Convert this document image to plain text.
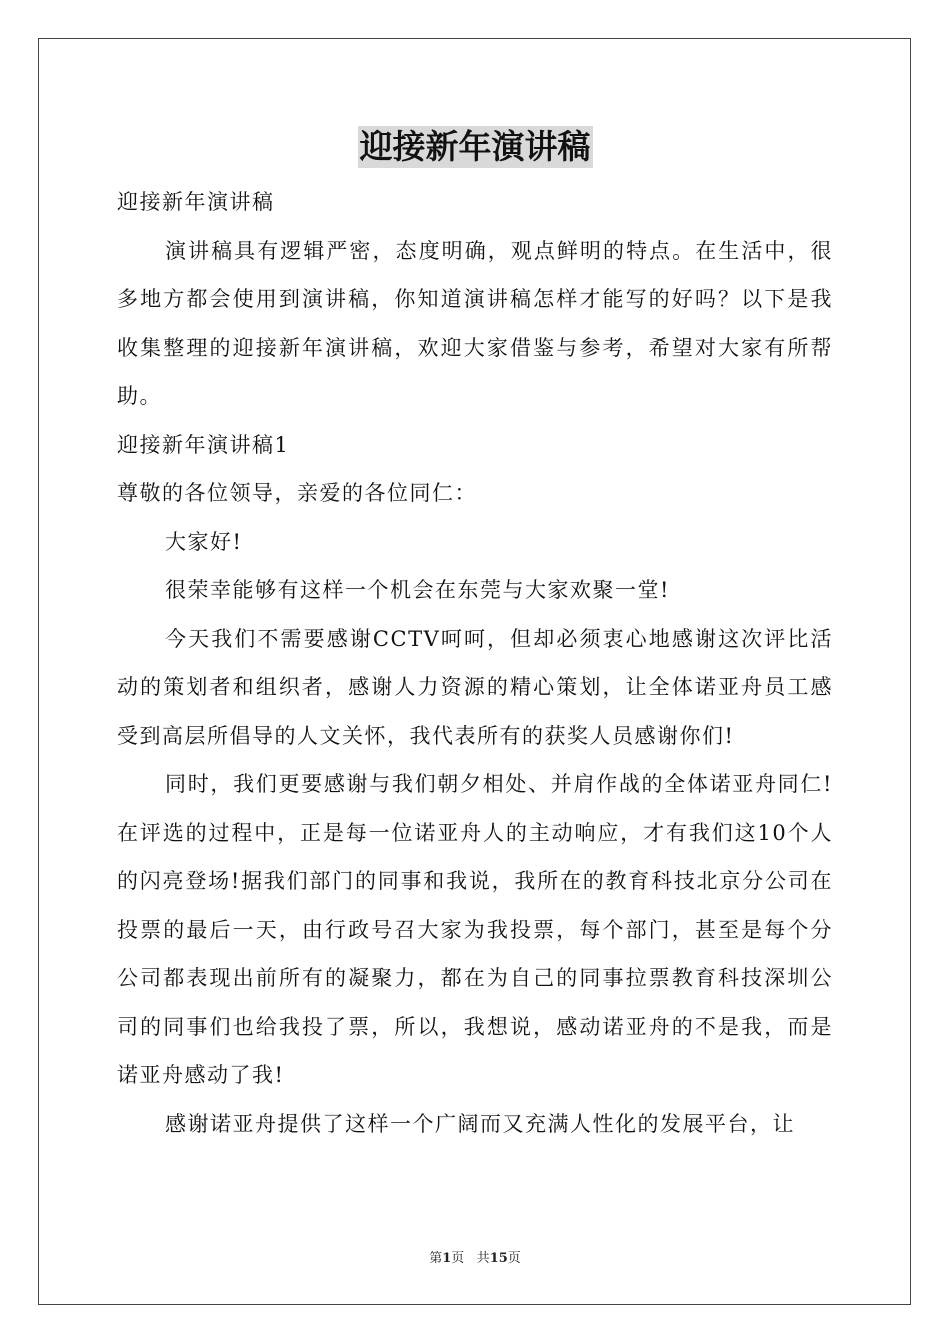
迎接新年演讲稿

迎接新年演讲稿

演讲稿具有逻辑严密，态度明确，观点鲜明的特点。在生活中，很多地方都会使用到演讲稿，你知道演讲稿怎样才能写的好吗？以下是我收集整理的迎接新年演讲稿，欢迎大家借鉴与参考，希望对大家有所帮助。

迎接新年演讲稿1

尊敬的各位领导，亲爱的各位同仁：

大家好!

很荣幸能够有这样一个机会在东莞与大家欢聚一堂!

今天我们不需要感谢CCTV呵呵，但却必须衷心地感谢这次评比活动的策划者和组织者，感谢人力资源的精心策划，让全体诺亚舟员工感受到高层所倡导的人文关怀，我代表所有的获奖人员感谢你们!

同时，我们更要感谢与我们朝夕相处、并肩作战的全体诺亚舟同仁!在评选的过程中，正是每一位诺亚舟人的主动响应，才有我们这10个人的闪亮登场!据我们部门的同事和我说，我所在的教育科技北京分公司在投票的最后一天，由行政号召大家为我投票，每个部门，甚至是每个分公司都表现出前所有的凝聚力，都在为自己的同事拉票教育科技深圳公司的同事们也给我投了票，所以，我想说，感动诺亚舟的不是我，而是诺亚舟感动了我!

感谢诺亚舟提供了这样一个广阔而又充满人性化的发展平台，让

第1页 共15页
